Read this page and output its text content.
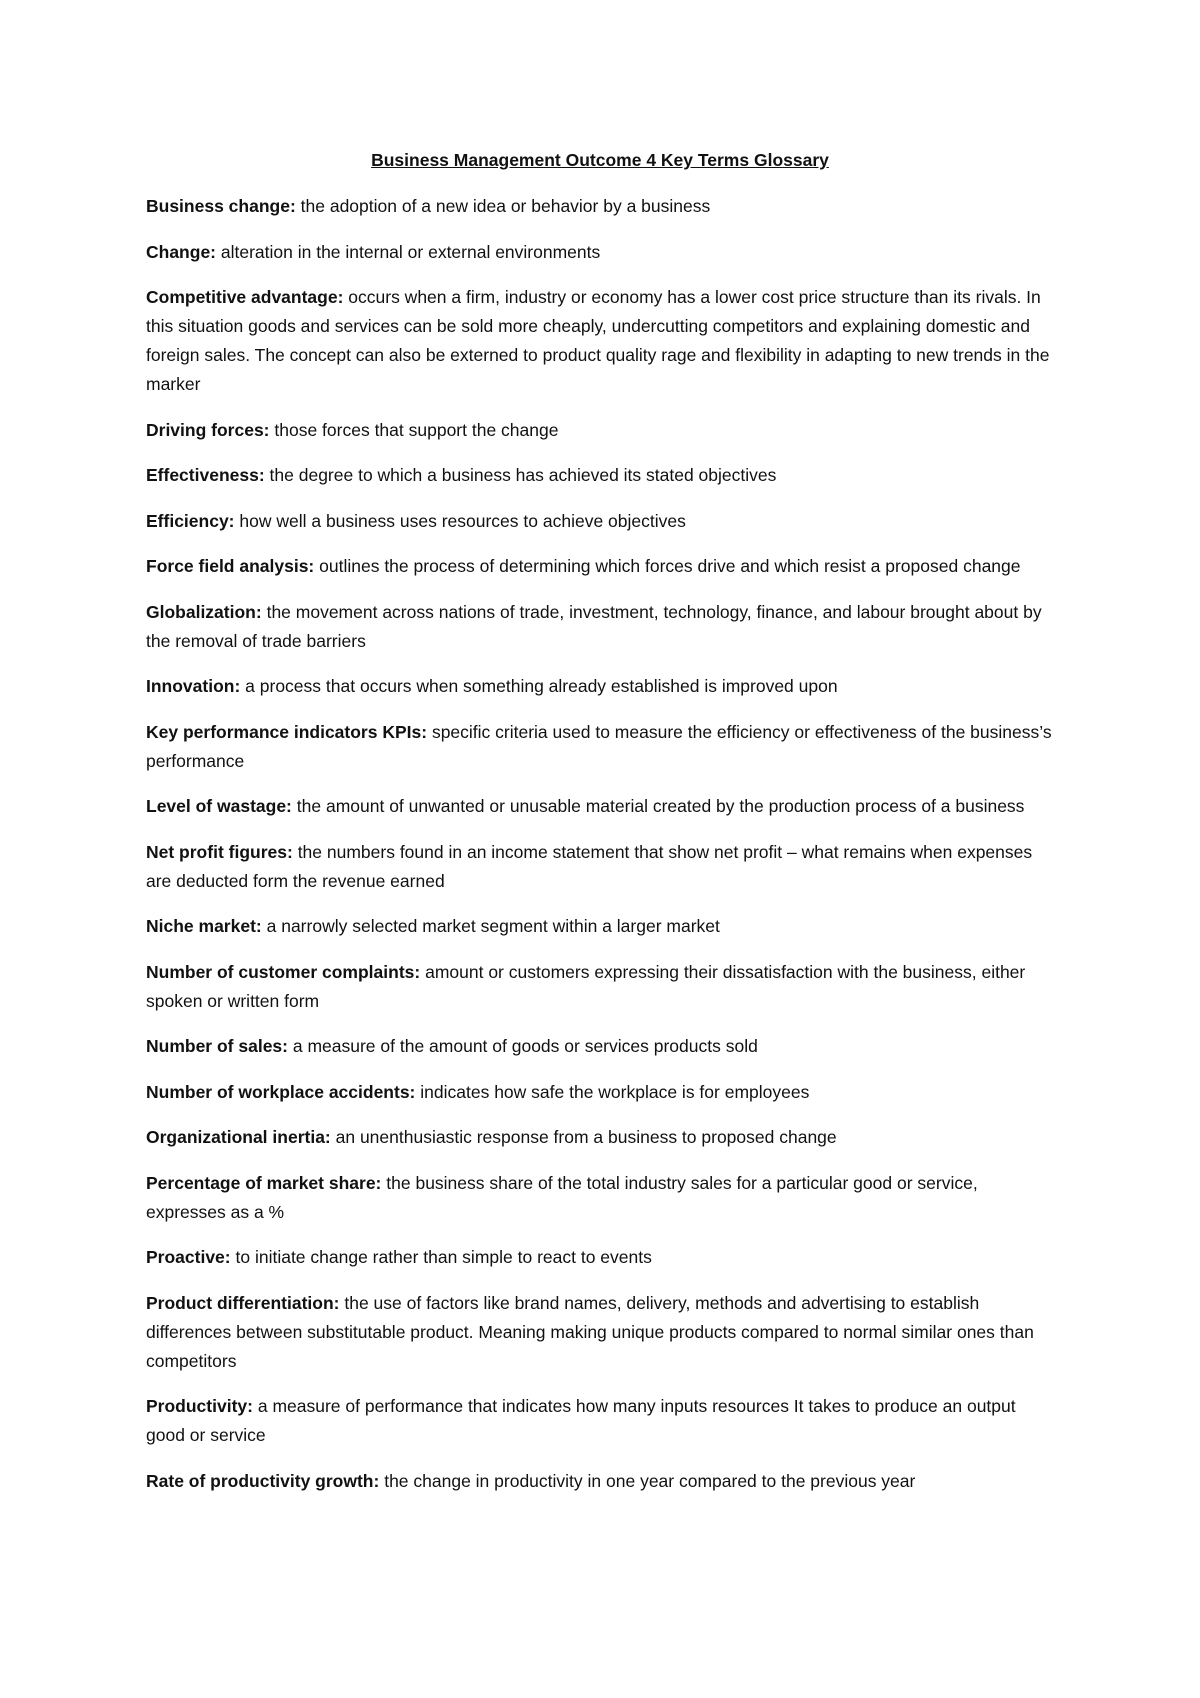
Business Management Outcome 4 Key Terms Glossary

Business change: the adoption of a new idea or behavior by a business

Change: alteration in the internal or external environments

Competitive advantage: occurs when a firm, industry or economy has a lower cost price structure than its rivals. In this situation goods and services can be sold more cheaply, undercutting competitors and explaining domestic and foreign sales. The concept can also be externed to product quality rage and flexibility in adapting to new trends in the marker

Driving forces: those forces that support the change

Effectiveness: the degree to which a business has achieved its stated objectives

Efficiency: how well a business uses resources to achieve objectives

Force field analysis: outlines the process of determining which forces drive and which resist a proposed change

Globalization: the movement across nations of trade, investment, technology, finance, and labour brought about by the removal of trade barriers

Innovation: a process that occurs when something already established is improved upon

Key performance indicators KPIs: specific criteria used to measure the efficiency or effectiveness of the business’s performance

Level of wastage: the amount of unwanted or unusable material created by the production process of a business

Net profit figures: the numbers found in an income statement that show net profit – what remains when expenses are deducted form the revenue earned

Niche market: a narrowly selected market segment within a larger market

Number of customer complaints: amount or customers expressing their dissatisfaction with the business, either spoken or written form

Number of sales: a measure of the amount of goods or services products sold

Number of workplace accidents: indicates how safe the workplace is for employees

Organizational inertia: an unenthusiastic response from a business to proposed change

Percentage of market share: the business share of the total industry sales for a particular good or service, expresses as a %

Proactive: to initiate change rather than simple to react to events

Product differentiation: the use of factors like brand names, delivery, methods and advertising to establish differences between substitutable product. Meaning making unique products compared to normal similar ones than competitors

Productivity: a measure of performance that indicates how many inputs resources It takes to produce an output good or service

Rate of productivity growth: the change in productivity in one year compared to the previous year
